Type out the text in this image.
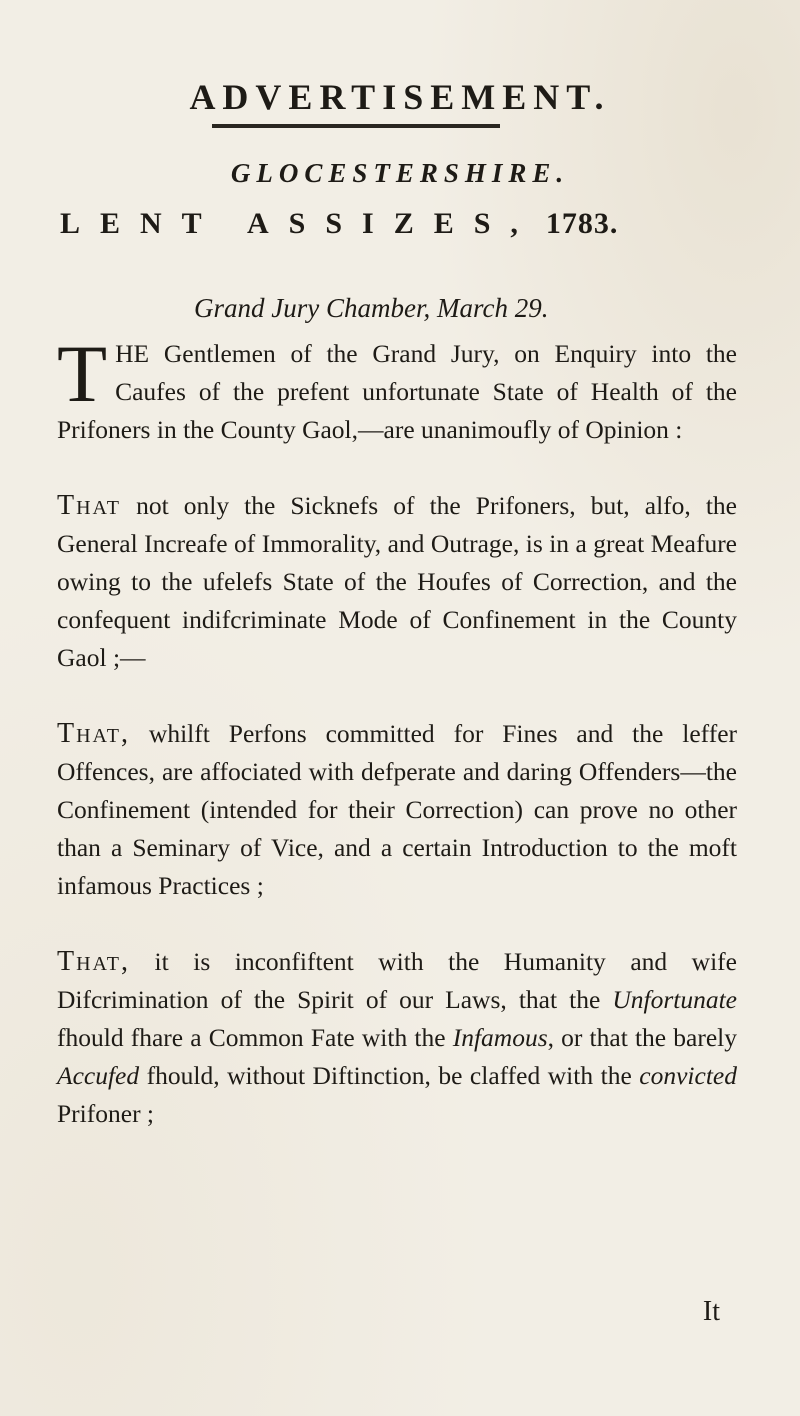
ADVERTISEMENT.
GLOCESTERSHIRE.
LENT ASSIZES, 1783.
Grand Jury Chamber, March 29.

THE Gentlemen of the Grand Jury, on Enquiry into the Caufes of the prefent unfortunate State of Health of the Prifoners in the County Gaol,—are unanimoufly of Opinion :

That not only the Sicknefs of the Prifoners, but, alfo, the General Increafe of Immorality, and Outrage, is in a great Meafure owing to the ufelefs State of the Houfes of Correction, and the confequent indifcriminate Mode of Confinement in the County Gaol ;—

That, whilft Perfons committed for Fines and the leffer Offences, are affociated with defperate and daring Offenders—the Confinement (intended for their Correction) can prove no other than a Seminary of Vice, and a certain Introduction to the moft infamous Practices ;

That, it is inconfiftent with the Humanity and wife Difcrimination of the Spirit of our Laws, that the Unfortunate fhould fhare a Common Fate with the Infamous, or that the barely Accufed fhould, without Diftinction, be claffed with the convicted Prifoner ;

It
